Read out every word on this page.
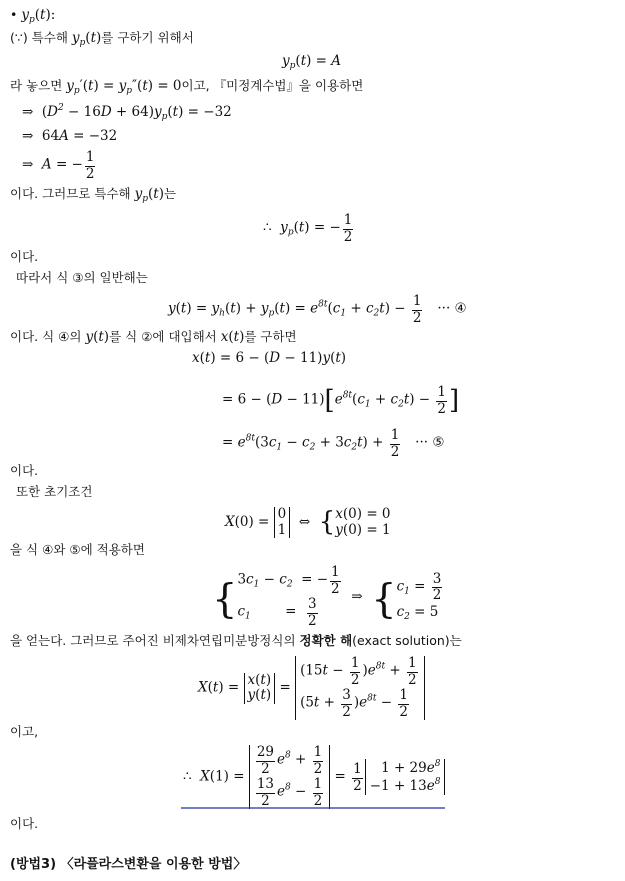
• $y_p(t)$:
(∵) 특수해 $y_p(t)$를 구하기 위해서
$y_p(t) = A$
라 놓으면 $y_p'(t) = y_p''(t) = 0$이고, 『미정계수법』을 이용하면
⇒  $(D^2 - 16D + 64)y_p(t) = -32$
⇒  64A = −32
⇒  A = − $\frac{1}{2}$
이다. 그러므로 특수해 $y_p(t)$는
∴  $y_p(t)$ = − $\frac{1}{2}$
이다.
따라서 식 ③의 일반해는
$y(t) = y_h(t) + y_p(t) = e^{8t}(c_1 + c_2t) - \frac{1}{2}$ ··· ④
이다. 식 ④의 y(t)를 식 ②에 대입해서 x(t)를 구하면
x(t) = 6 − (D − 11)y(t)
= $6 - (D - 11)[e^{8t}(c_1 + c_2t) - \frac{1}{2}$ ]
= $e^{8t}(3c_1 - c_2 + 3c_2t) + \frac{1}{2}$ ··· ⑤
이다.
또한 초기조건
X(0) =
0
1 ⇔  { x(0) = 0
y(0) = 1
을 식 ④와 ⑤에 적용하면
{ $3c_1 - c_2$  = − $\frac{1}{2}$
$c_1$        = $\frac{3}{2}$
⇒  { $c_1 = \frac{3}{2}$
$c_2 = 5$
을 얻는다. 그러므로 주어진 비제차연립미분방정식의 정확한 해(exact solution)는
X(t) =
x(t)
y(t) =
$(15t - \frac{1}{2} )e^{8t} + \frac{1}{2}$
$(5t + \frac{3}{2} )e^{8t} - \frac{1}{2}$
이고,
∴  $X(1) = \frac{29}{2} e^8 + \frac{1}{2}$
$\frac{13}{2} e^8 - \frac{1}{2}$
= $\frac{1}{2}$	$1 + 29e^8$
$-1 + 13e^8$
이다.
(방법3) 〈라플라스변환을 이용한 방법〉
